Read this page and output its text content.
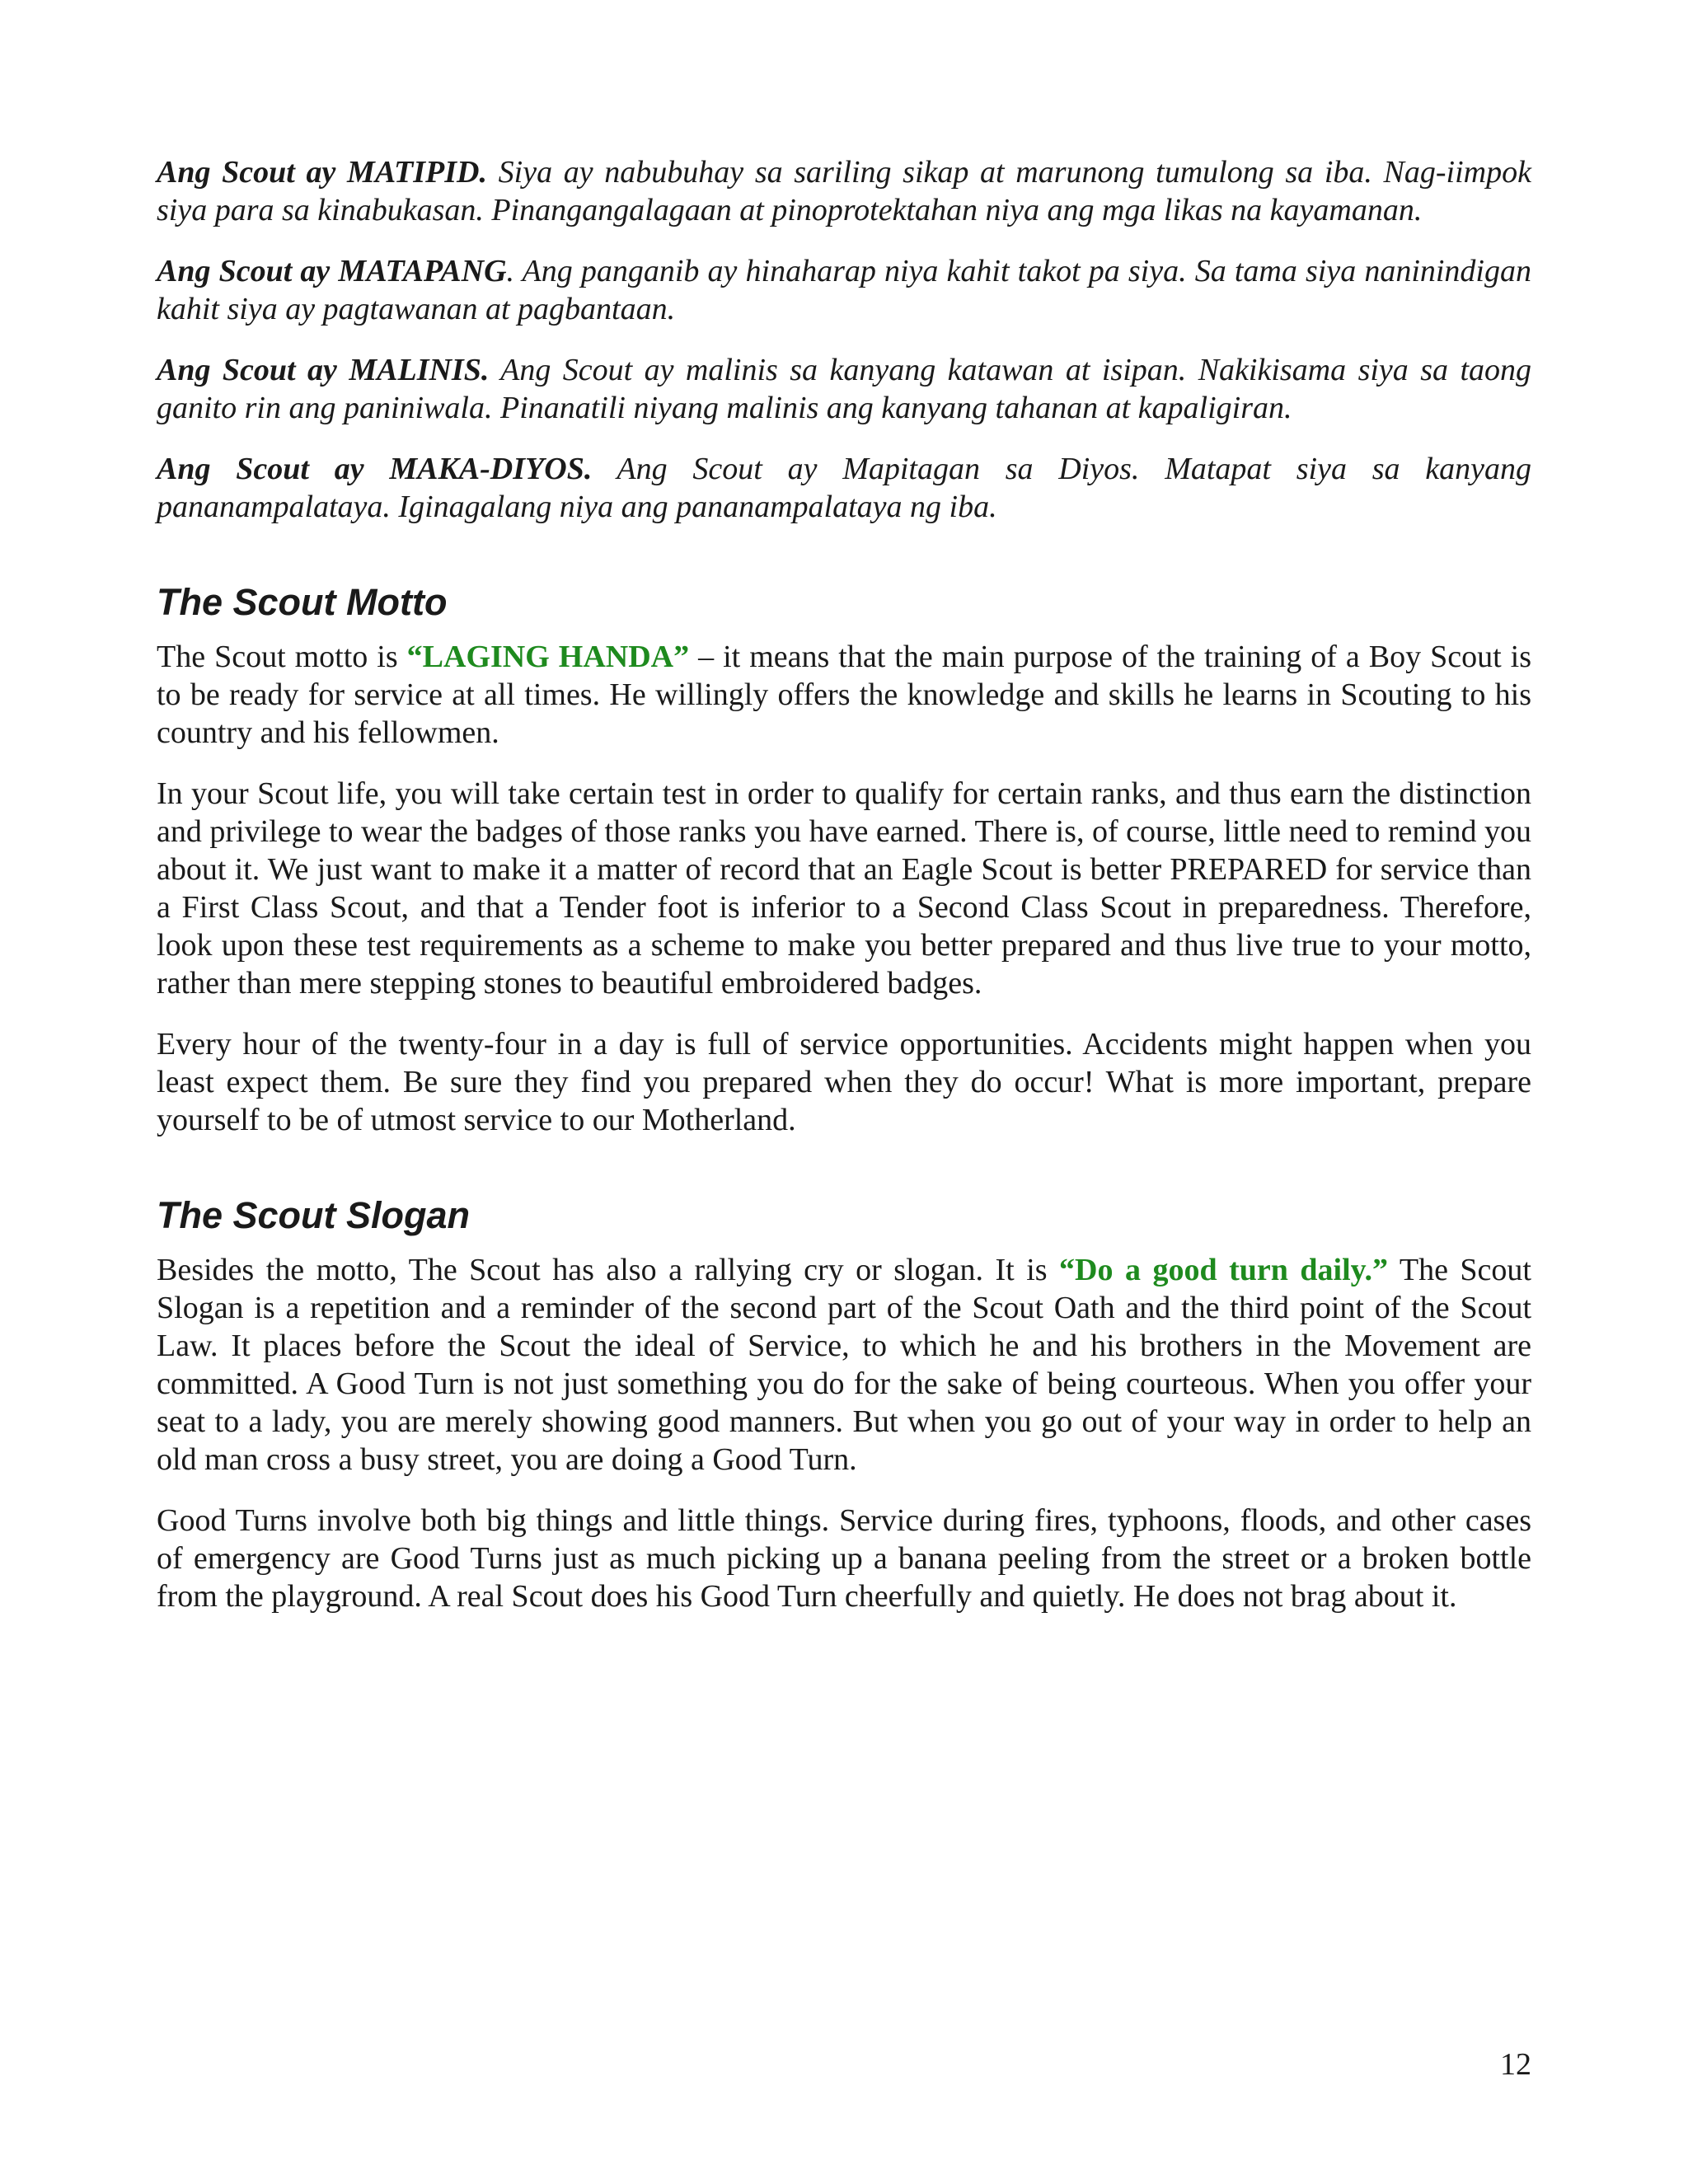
Ang Scout ay MATIPID. Siya ay nabubuhay sa sariling sikap at marunong tumulong sa iba. Nag-iimpok siya para sa kinabukasan. Pinangangalagaan at pinoprotektahan niya ang mga likas na kayamanan.

Ang Scout ay MATAPANG. Ang panganib ay hinaharap niya kahit takot pa siya. Sa tama siya naninindigan kahit siya ay pagtawanan at pagbantaan.

Ang Scout ay MALINIS. Ang Scout ay malinis sa kanyang katawan at isipan. Nakikisama siya sa taong ganito rin ang paniniwala. Pinanatili niyang malinis ang kanyang tahanan at kapaligiran.

Ang Scout ay MAKA-DIYOS. Ang Scout ay Mapitagan sa Diyos. Matapat siya sa kanyang pananampalataya. Iginagalang niya ang pananampalataya ng iba.

The Scout Motto

The Scout motto is “LAGING HANDA” – it means that the main purpose of the training of a Boy Scout is to be ready for service at all times. He willingly offers the knowledge and skills he learns in Scouting to his country and his fellowmen.

In your Scout life, you will take certain test in order to qualify for certain ranks, and thus earn the distinction and privilege to wear the badges of those ranks you have earned. There is, of course, little need to remind you about it. We just want to make it a matter of record that an Eagle Scout is better PREPARED for service than a First Class Scout, and that a Tender foot is inferior to a Second Class Scout in preparedness. Therefore, look upon these test requirements as a scheme to make you better prepared and thus live true to your motto, rather than mere stepping stones to beautiful embroidered badges.

Every hour of the twenty-four in a day is full of service opportunities. Accidents might happen when you least expect them. Be sure they find you prepared when they do occur! What is more important, prepare yourself to be of utmost service to our Motherland.

The Scout Slogan

Besides the motto, The Scout has also a rallying cry or slogan. It is “Do a good turn daily.” The Scout Slogan is a repetition and a reminder of the second part of the Scout Oath and the third point of the Scout Law. It places before the Scout the ideal of Service, to which he and his brothers in the Movement are committed. A Good Turn is not just something you do for the sake of being courteous. When you offer your seat to a lady, you are merely showing good manners. But when you go out of your way in order to help an old man cross a busy street, you are doing a Good Turn.

Good Turns involve both big things and little things. Service during fires, typhoons, floods, and other cases of emergency are Good Turns just as much picking up a banana peeling from the street or a broken bottle from the playground. A real Scout does his Good Turn cheerfully and quietly. He does not brag about it.

12
